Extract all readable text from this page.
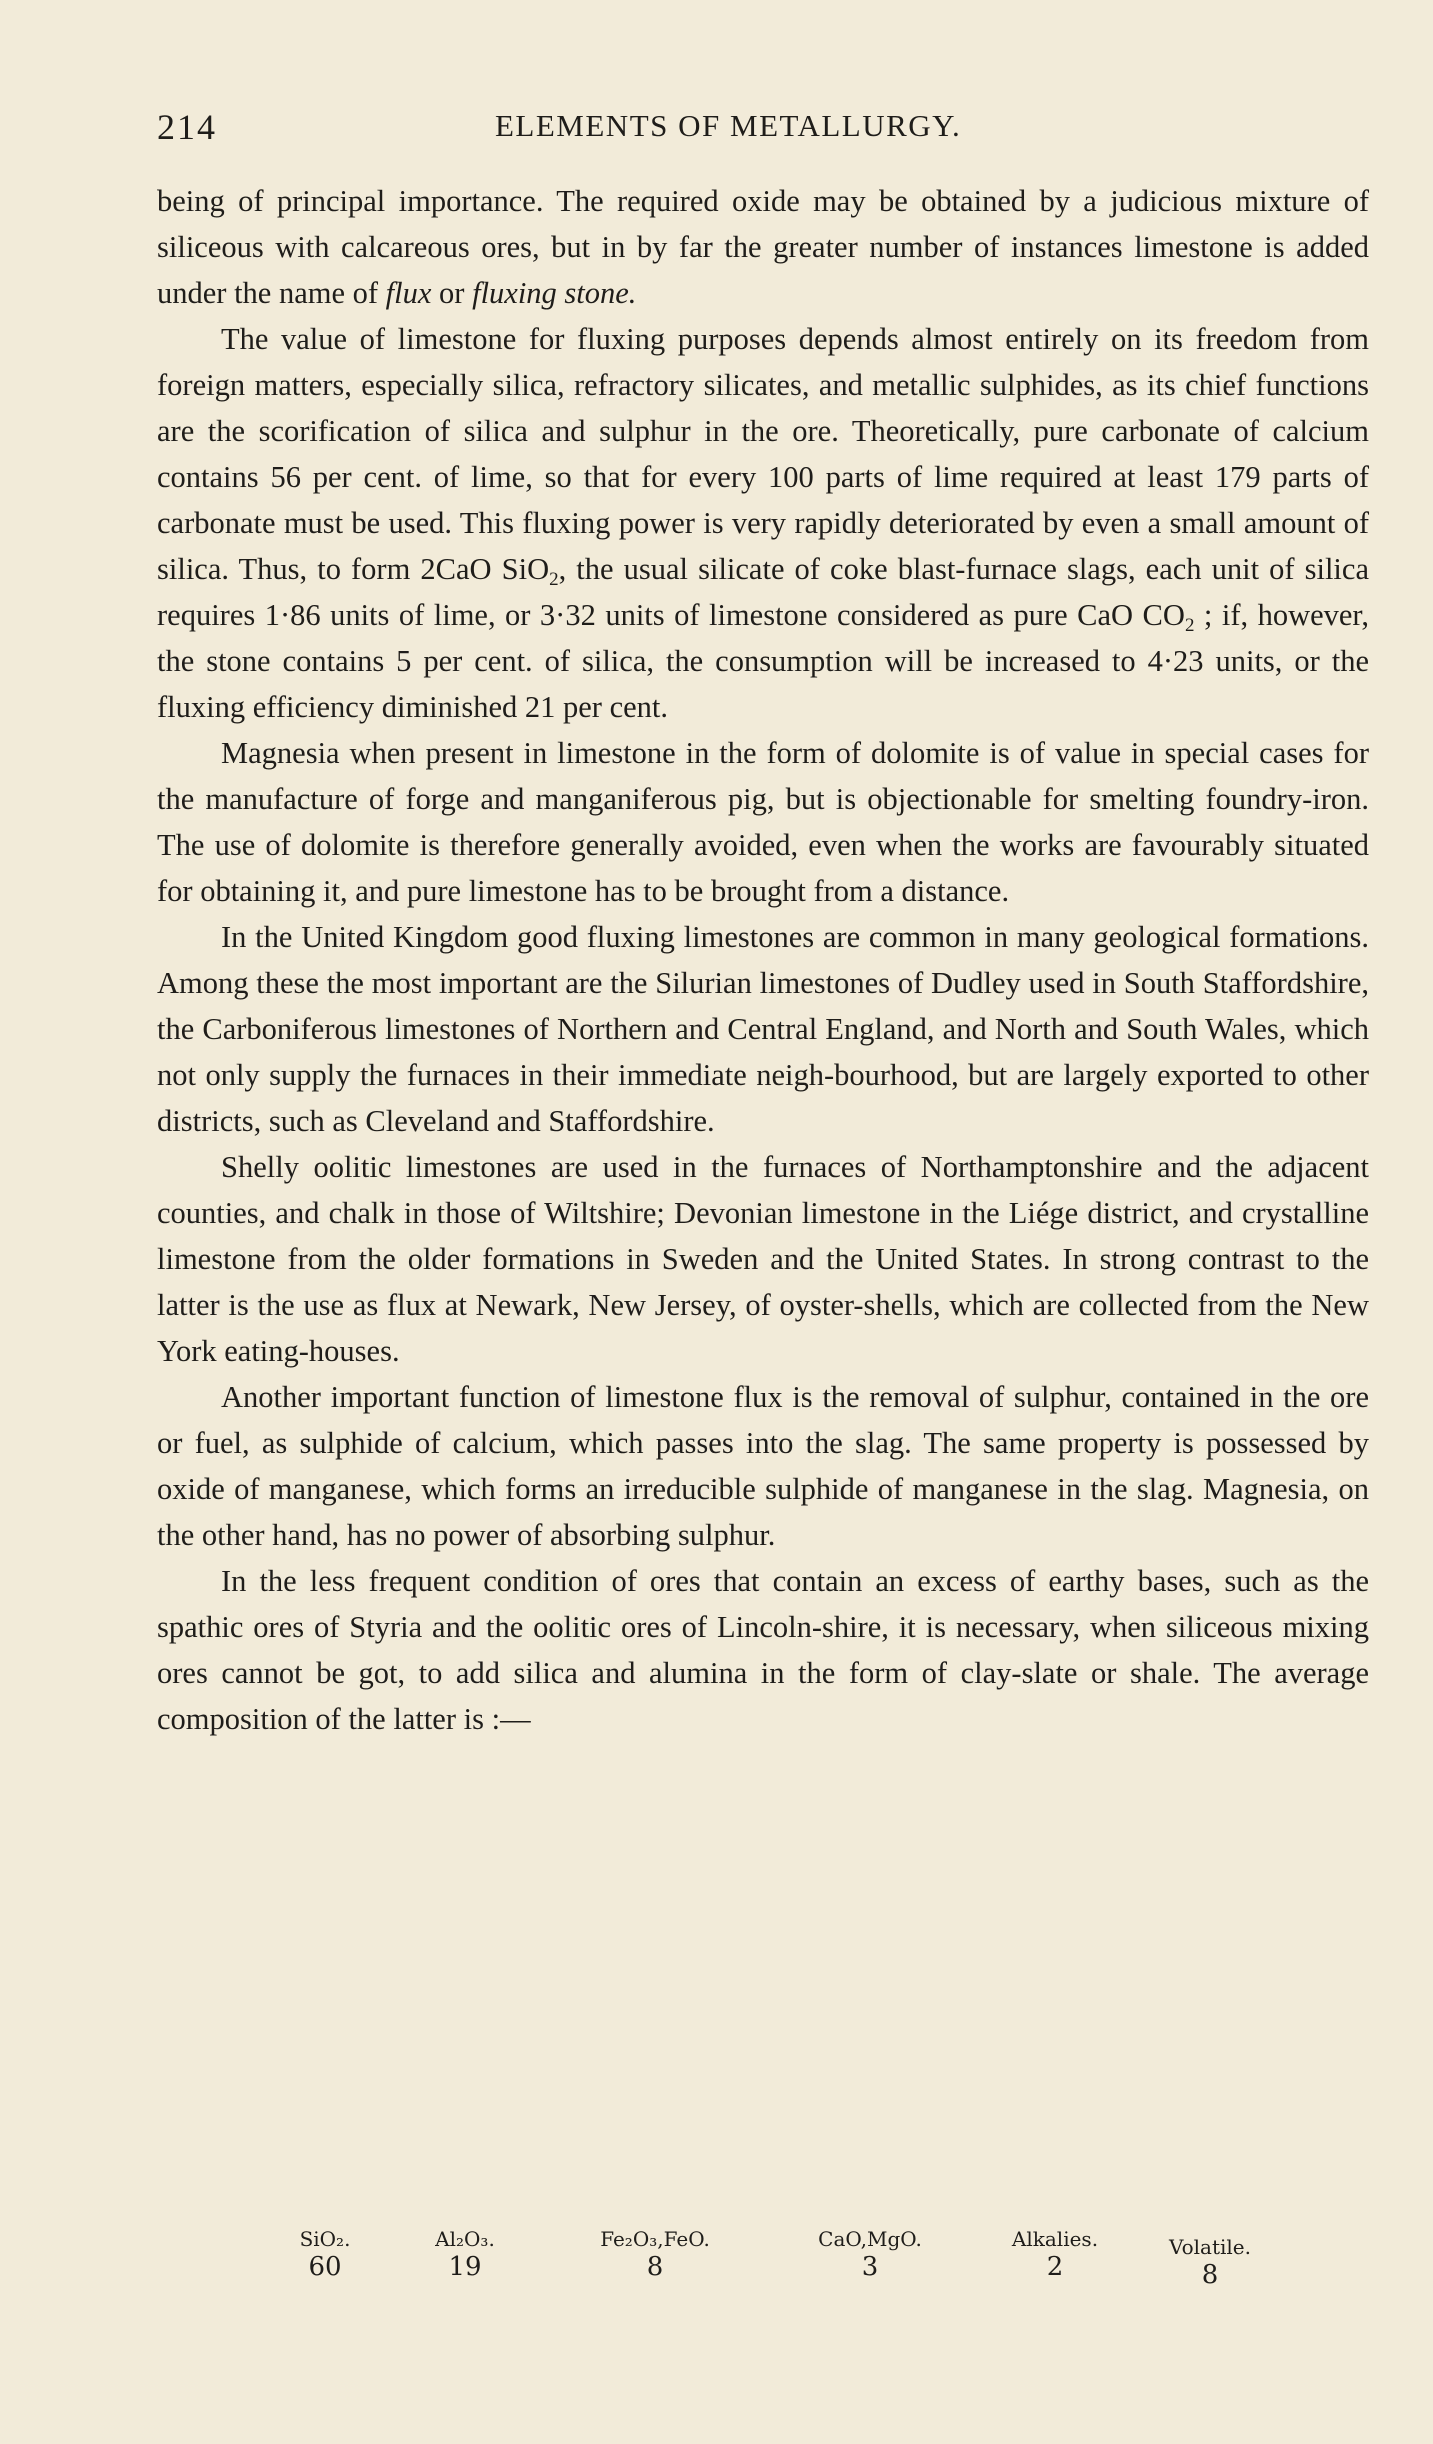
214	ELEMENTS OF METALLURGY.

being of principal importance. The required oxide may be obtained by a judicious mixture of siliceous with calcareous ores, but in by far the greater number of instances limestone is added under the name of flux or fluxing stone.

The value of limestone for fluxing purposes depends almost entirely on its freedom from foreign matters, especially silica, refractory silicates, and metallic sulphides, as its chief functions are the scorification of silica and sulphur in the ore. Theoretically, pure carbonate of calcium contains 56 per cent. of lime, so that for every 100 parts of lime required at least 179 parts of carbonate must be used. This fluxing power is very rapidly deteriorated by even a small amount of silica. Thus, to form 2CaO SiO$_2$, the usual silicate of coke blast-furnace slags, each unit of silica requires 1·86 units of lime, or 3·32 units of limestone considered as pure CaO $CO_2$ ; if, however, the stone contains 5 per cent. of silica, the consumption will be increased to 4·23 units, or the fluxing efficiency diminished 21 per cent.

Magnesia when present in limestone in the form of dolomite is of value in special cases for the manufacture of forge and manganiferous pig, but is objectionable for smelting foundry-iron. The use of dolomite is therefore generally avoided, even when the works are favourably situated for obtaining it, and pure limestone has to be brought from a distance.

In the United Kingdom good fluxing limestones are common in many geological formations. Among these the most important are the Silurian limestones of Dudley used in South Staffordshire, the Carboniferous limestones of Northern and Central England, and North and South Wales, which not only supply the furnaces in their immediate neigh-bourhood, but are largely exported to other districts, such as Cleveland and Staffordshire.

Shelly oolitic limestones are used in the furnaces of Northamptonshire and the adjacent counties, and chalk in those of Wiltshire; Devonian limestone in the Liége district, and crystalline limestone from the older formations in Sweden and the United States. In strong contrast to the latter is the use as flux at Newark, New Jersey, of oyster-shells, which are collected from the New York eating-houses.

Another important function of limestone flux is the removal of sulphur, contained in the ore or fuel, as sulphide of calcium, which passes into the slag. The same property is possessed by oxide of manganese, which forms an irreducible sulphide of manganese in the slag. Magnesia, on the other hand, has no power of absorbing sulphur.

In the less frequent condition of ores that contain an excess of earthy bases, such as the spathic ores of Styria and the oolitic ores of Lincoln-shire, it is necessary, when siliceous mixing ores cannot be got, to add silica and alumina in the form of clay-slate or shale. The average composition of the latter is :—

SiO₂.
60
Al₂O₃.
19
Fe₂O₃,FeO.
8
CaO,MgO.
3
Alkalies.
2
Volatile.
8
